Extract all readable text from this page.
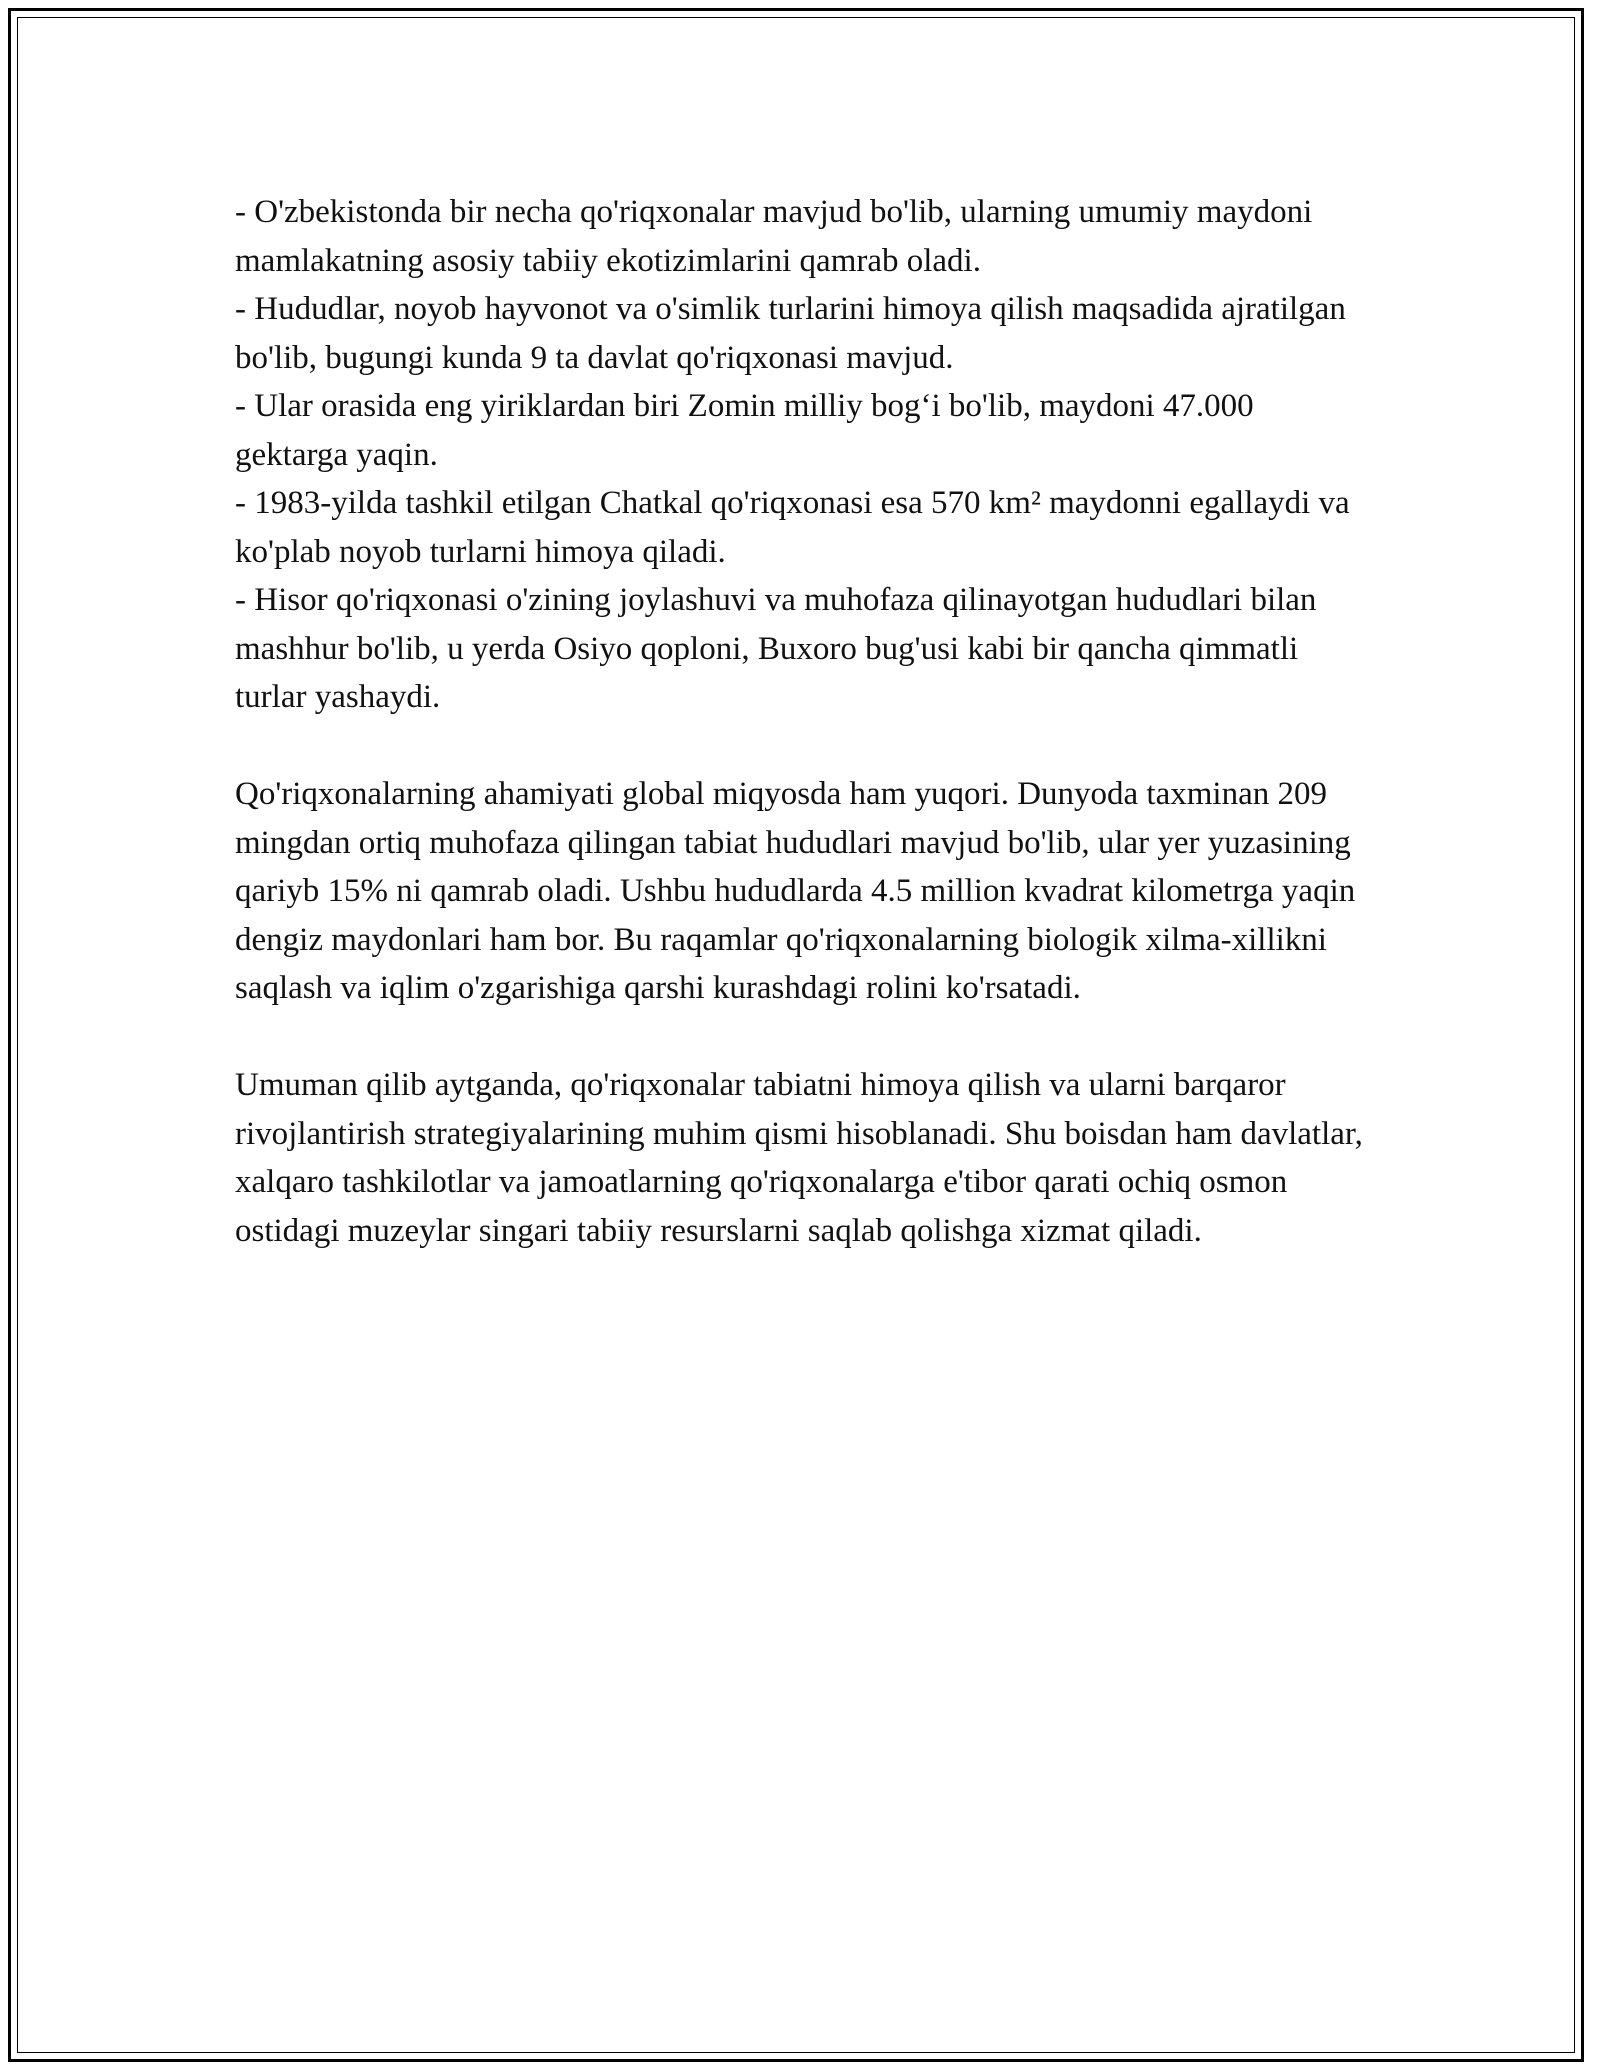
- O'zbekistonda bir necha qo'riqxonalar mavjud bo'lib, ularning umumiy maydoni mamlakatning asosiy tabiiy ekotizimlarini qamrab oladi.
- Hududlar, noyob hayvonot va o'simlik turlarini himoya qilish maqsadida ajratilgan bo'lib, bugungi kunda 9 ta davlat qo'riqxonasi mavjud.
- Ular orasida eng yiriklardan biri Zomin milliy bog‘i bo'lib, maydoni 47.000 gektarga yaqin.
- 1983-yilda tashkil etilgan Chatkal qo'riqxonasi esa 570 km² maydonni egallaydi va ko'plab noyob turlarni himoya qiladi.
- Hisor qo'riqxonasi o'zining joylashuvi va muhofaza qilinayotgan hududlari bilan mashhur bo'lib, u yerda Osiyo qoploni, Buxoro bug'usi kabi bir qancha qimmatli turlar yashaydi.

Qo'riqxonalarning ahamiyati global miqyosda ham yuqori. Dunyoda taxminan 209 mingdan ortiq muhofaza qilingan tabiat hududlari mavjud bo'lib, ular yer yuzasining qariyb 15% ni qamrab oladi. Ushbu hududlarda 4.5 million kvadrat kilometrga yaqin dengiz maydonlari ham bor. Bu raqamlar qo'riqxonalarning biologik xilma-xillikni saqlash va iqlim o'zgarishiga qarshi kurashdagi rolini ko'rsatadi.

Umuman qilib aytganda, qo'riqxonalar tabiatni himoya qilish va ularni barqaror rivojlantirish strategiyalarining muhim qismi hisoblanadi. Shu boisdan ham davlatlar, xalqaro tashkilotlar va jamoatlarning qo'riqxonalarga e'tibor qarati ochiq osmon ostidagi muzeylar singari tabiiy resurslarni saqlab qolishga xizmat qiladi.
